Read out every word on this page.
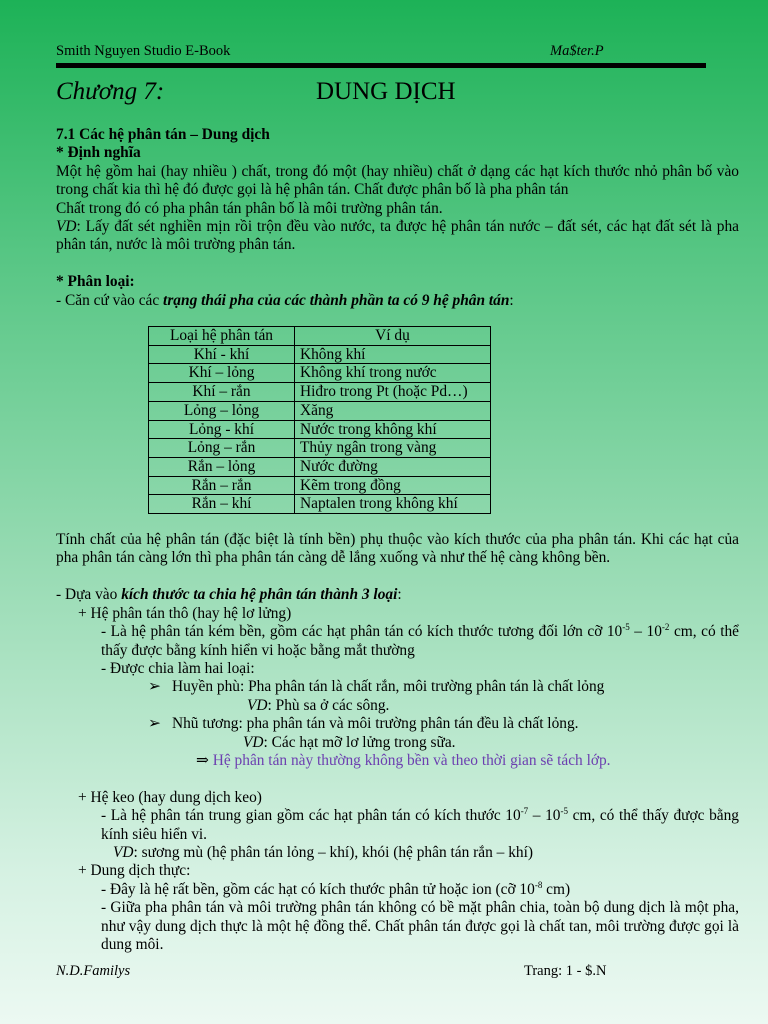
Smith Nguyen Studio E-Book	Ma$ter.P
Chương 7:	DUNG DỊCH

7.1 Các hệ phân tán – Dung dịch

* Định nghĩa

Một hệ gồm hai (hay nhiều ) chất, trong đó một (hay nhiều) chất ở dạng các hạt kích thước nhỏ phân bố vào trong chất kia thì hệ đó được gọi là hệ phân tán. Chất được phân bố là pha phân tán

Chất trong đó có pha phân tán phân bố là môi trường phân tán.

VD: Lấy đất sét nghiền mịn rồi trộn đều vào nước, ta được hệ phân tán nước – đất sét, các hạt đất sét là pha phân tán, nước là môi trường phân tán.

* Phân loại:

- Căn cứ vào các trạng thái pha của các thành phần ta có 9 hệ phân tán:

Loại hệ phân tán	Ví dụ
Khí - khí	Không khí
Khí – lỏng	Không khí trong nước
Khí – rắn	Hiđro trong Pt (hoặc Pd…)
Lỏng – lỏng	Xăng
Lỏng - khí	Nước trong không khí
Lỏng – rắn	Thủy ngân trong vàng
Rắn – lỏng	Nước đường
Rắn – rắn	Kẽm trong đồng
Rắn – khí	Naptalen trong không khí

Tính chất của hệ phân tán (đặc biệt là tính bền) phụ thuộc vào kích thước của pha phân tán. Khi các hạt của pha phân tán càng lớn thì pha phân tán càng dễ lắng xuống và như thế hệ càng không bền.

- Dựa vào kích thước ta chia hệ phân tán thành 3 loại:

+ Hệ phân tán thô (hay hệ lơ lửng)

- Là hệ phân tán kém bền, gồm các hạt phân tán có kích thước tương đối lớn cỡ $10^{-5} - 10^{-2}$ cm, có thể thấy được bằng kính hiển vi hoặc bằng mắt thường

- Được chia làm hai loại:

➢ Huyền phù: Pha phân tán là chất rắn, môi trường phân tán là chất lỏng

VD: Phù sa ở các sông.

➢ Nhũ tương: pha phân tán và môi trường phân tán đều là chất lỏng.

VD: Các hạt mỡ lơ lửng trong sữa.

⇒ Hệ phân tán này thường không bền và theo thời gian sẽ tách lớp.

+ Hệ keo (hay dung dịch keo)

- Là hệ phân tán trung gian gồm các hạt phân tán có kích thước $10^{-7} - 10^{-5}$ cm, có thể thấy được bằng kính siêu hiển vi.

VD: sương mù (hệ phân tán lỏng – khí), khói (hệ phân tán rắn – khí)

+ Dung dịch thực:

- Đây là hệ rất bền, gồm các hạt có kích thước phân tử hoặc ion (cỡ $10^{-8}$ cm)

- Giữa pha phân tán và môi trường phân tán không có bề mặt phân chia, toàn bộ dung dịch là một pha, như vậy dung dịch thực là một hệ đồng thể. Chất phân tán được gọi là chất tan, môi trường được gọi là dung môi.

N.D.Familys	Trang: 1 - $.N
